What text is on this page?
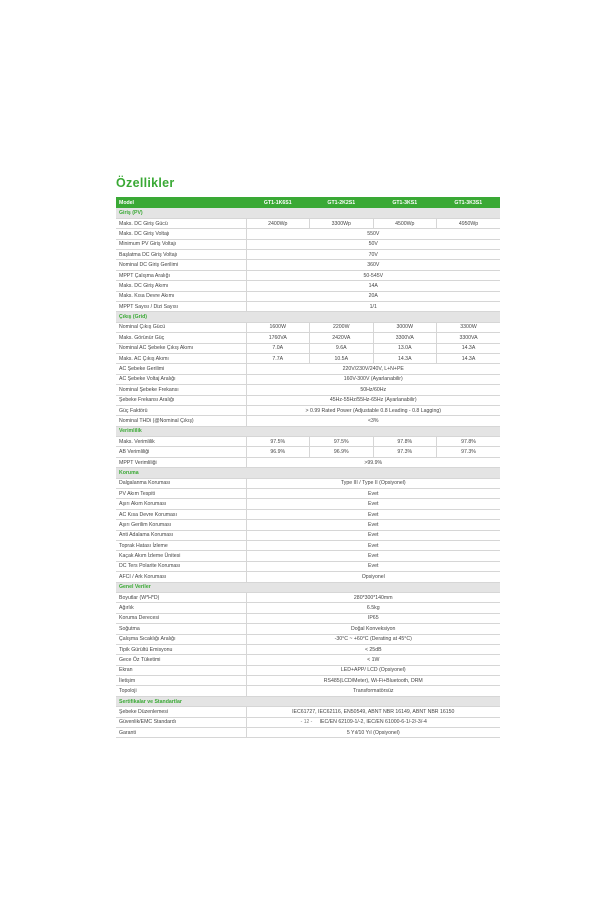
Özellikler
Model	GT1-1K6S1	GT1-2K2S1	GT1-3KS1	GT1-3K3S1
Giriş (PV)				
Maks. DC Giriş Gücü	2400Wp	3300Wp	4500Wp	4950Wp
Maks. DC Giriş Voltajı	550V			
Minimum PV Giriş Voltajı	50V			
Başlatma DC Giriş Voltajı	70V			
Nominal DC Giriş Gerilimi	360V			
MPPT Çalışma Aralığı	50-545V			
Maks. DC Giriş Akımı	14A			
Maks. Kısa Devre Akımı	20A			
MPPT Sayısı / Dizi Sayısı	1/1			
Çıkış (Grid)				
Nominal Çıkış Gücü	1600W	2200W	3000W	3300W
Maks. Görünür Güç	1760VA	2420VA	3300VA	3300VA
Nominal AC Şebeke Çıkış Akımı	7.0A	9.6A	13.0A	14.3A
Maks. AC Çıkış Akımı	7.7A	10.5A	14.3A	14.3A
AC Şebeke Gerilimi	220V/230V/240V, L+N+PE			
AC Şebeke Voltaj Aralığı	160V-300V (Ayarlanabilir)			
Nominal Şebeke Frekansı	50Hz/60Hz			
Şebeke Frekansı Aralığı	45Hz-55Hz/55Hz-65Hz (Ayarlanabilir)			
Güç Faktörü	> 0.99 Rated Power (Adjustable 0.8 Leading - 0.8 Lagging)			
Nominal THDi (@Nominal Çıkış)	<3%			
Verimlilik				
Maks. Verimlilik	97.5%	97.5%	97.8%	97.8%
AB Verimliliği	96.9%	96.9%	97.3%	97.3%
MPPT Verimliliği	>99.9%			
Koruma				
Dalgalanma Koruması	Type III / Type II (Opsiyonel)			
PV Akım Tespiti	Evet			
Aşırı Akım Koruması	Evet			
AC Kısa Devre Koruması	Evet			
Aşırı Gerilim Koruması	Evet			
Anti Adalama Koruması	Evet			
Toprak Hatası İzleme	Evet			
Kaçak Akım İzleme Ünitesi	Evet			
DC Ters Polarite Koruması	Evet			
AFCI / Ark Koruması	Opsiyonel			
Genel Veriler				
Boyutlar (W*H*D)	280*300*140mm			
Ağırlık	6.5kg			
Koruma Derecesi	IP65			
Soğutma	Doğal Konveksiyon			
Çalışma Sıcaklığı Aralığı	-30°C ~ +60°C (Derating at 45°C)			
Tipik Gürültü Emisyonu	< 25dB			
Gece Öz Tüketimi	< 1W			
Ekran	LED+APP/ LCD (Opsiyonel)			
İletişim	RS485(LCD/Meter), Wi-Fi+Bluetooth, DRM			
Topoloji	Transformatörsüz			
Sertifikalar ve Standartlar				
Şebeke Düzenlemesi	IEC61727, IEC62116, EN50549, ABNT NBR 16149, ABNT NBR 16150			
Güvenlik/EMC Standardı	IEC/EN 62109-1/-2, IEC/EN 61000-6-1/-2/-3/-4			
Garanti	5 Yıl/10 Yıl (Opsiyonel)			
- 12 -
